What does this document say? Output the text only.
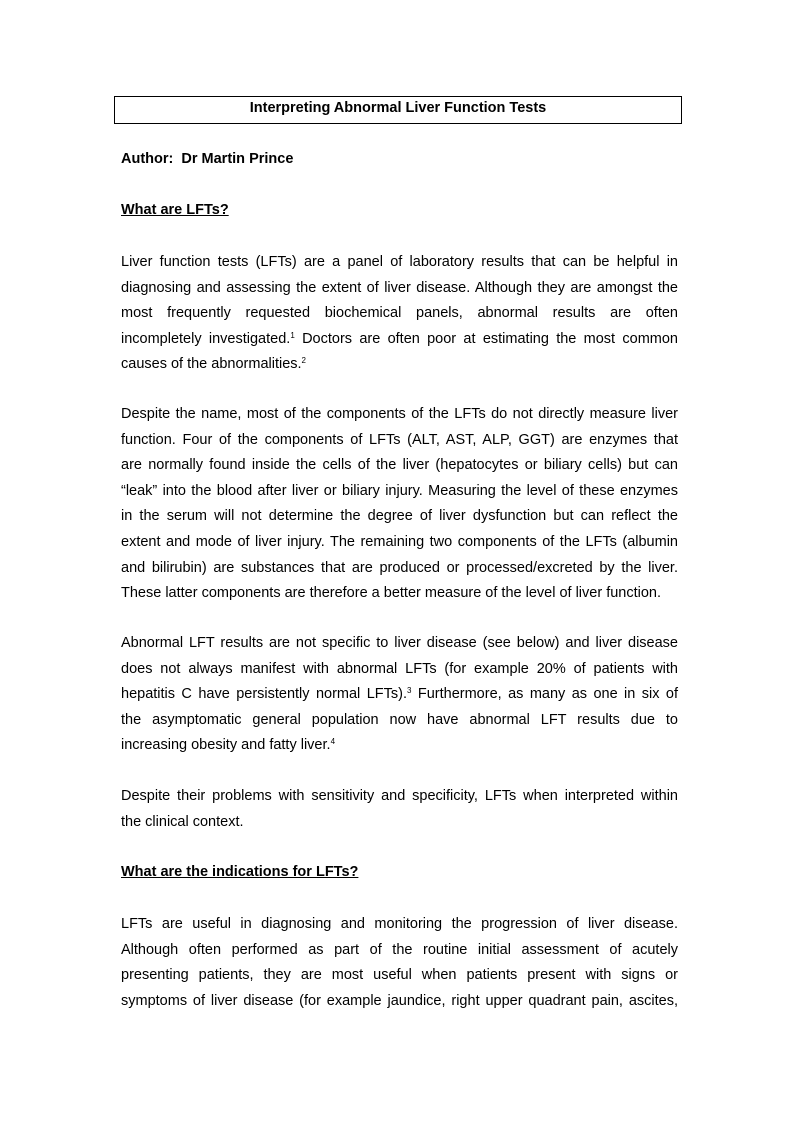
Interpreting Abnormal Liver Function Tests
Author:  Dr Martin Prince
What are LFTs?
Liver function tests (LFTs) are a panel of laboratory results that can be helpful in
diagnosing and assessing the extent of liver disease. Although they are amongst the
most frequently requested biochemical panels, abnormal results are often
incompletely investigated.$^1$ Doctors are often poor at estimating the most common
causes of the abnormalities.$^2$
Despite the name, most of the components of the LFTs do not directly measure liver
function. Four of the components of LFTs (ALT, AST, ALP, GGT) are enzymes that
are normally found inside the cells of the liver (hepatocytes or biliary cells) but can
“leak” into the blood after liver or biliary injury. Measuring the level of these enzymes
in the serum will not determine the degree of liver dysfunction but can reflect the
extent and mode of liver injury. The remaining two components of the LFTs (albumin
and bilirubin) are substances that are produced or processed/excreted by the liver.
These latter components are therefore a better measure of the level of liver function.
Abnormal LFT results are not specific to liver disease (see below) and liver disease
does not always manifest with abnormal LFTs (for example 20% of patients with
hepatitis C have persistently normal LFTs).$^3$ Furthermore, as many as one in six of
the asymptomatic general population now have abnormal LFT results due to
increasing obesity and fatty liver.$^4$
Despite their problems with sensitivity and specificity, LFTs when interpreted within
the clinical context.
What are the indications for LFTs?
LFTs are useful in diagnosing and monitoring the progression of liver disease.
Although often performed as part of the routine initial assessment of acutely
presenting patients, they are most useful when patients present with signs or
symptoms of liver disease (for example jaundice, right upper quadrant pain, ascites,
